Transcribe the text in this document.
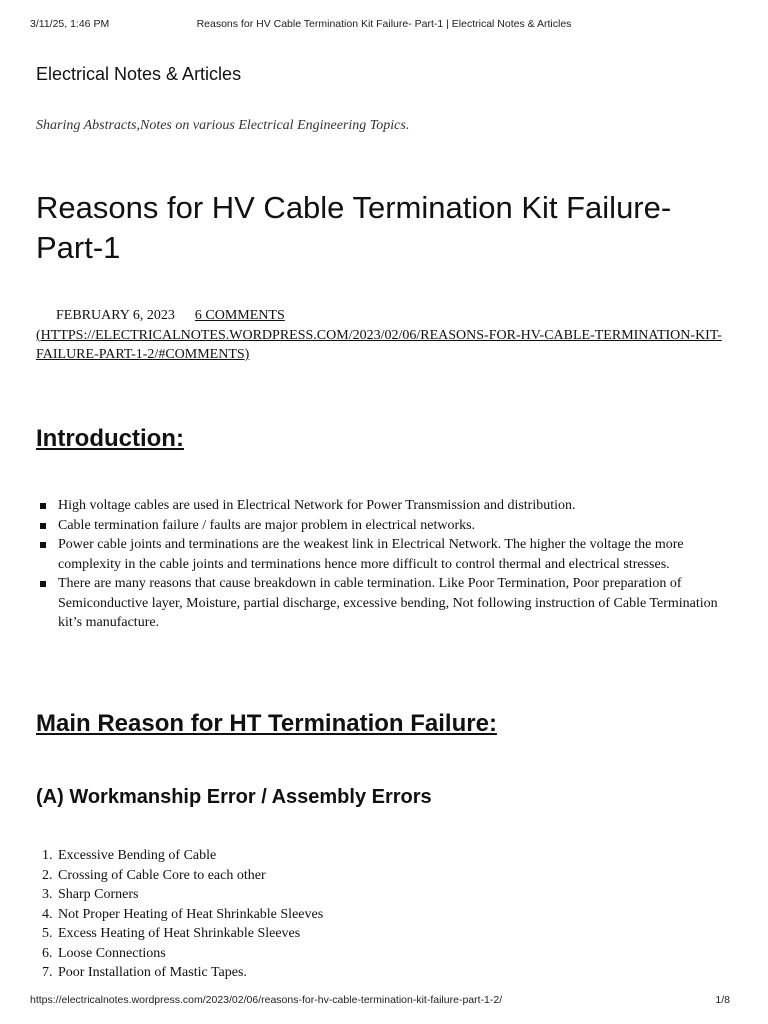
3/11/25, 1:46 PM	Reasons for HV Cable Termination Kit Failure- Part-1 | Electrical Notes & Articles
Electrical Notes & Articles
Sharing Abstracts,Notes on various Electrical Engineering Topics.
Reasons for HV Cable Termination Kit Failure- Part-1
FEBRUARY 6, 2023 6 COMMENTS
(HTTPS://ELECTRICALNOTES.WORDPRESS.COM/2023/02/06/REASONS-FOR-HV-CABLE-TERMINATION-KIT-FAILURE-PART-1-2/#COMMENTS)
Introduction:
High voltage cables are used in Electrical Network for Power Transmission and distribution.
Cable termination failure / faults are major problem in electrical networks.
Power cable joints and terminations are the weakest link in Electrical Network. The higher the voltage the more complexity in the cable joints and terminations hence more difficult to control thermal and electrical stresses.
There are many reasons that cause breakdown in cable termination. Like Poor Termination, Poor preparation of Semiconductive layer, Moisture, partial discharge, excessive bending, Not following instruction of Cable Termination kit’s manufacture.
Main Reason for HT Termination Failure:
(A) Workmanship Error / Assembly Errors
1. Excessive Bending of Cable
2. Crossing of Cable Core to each other
3. Sharp Corners
4. Not Proper Heating of Heat Shrinkable Sleeves
5. Excess Heating of Heat Shrinkable Sleeves
6. Loose Connections
7. Poor Installation of Mastic Tapes.
https://electricalnotes.wordpress.com/2023/02/06/reasons-for-hv-cable-termination-kit-failure-part-1-2/	1/8
